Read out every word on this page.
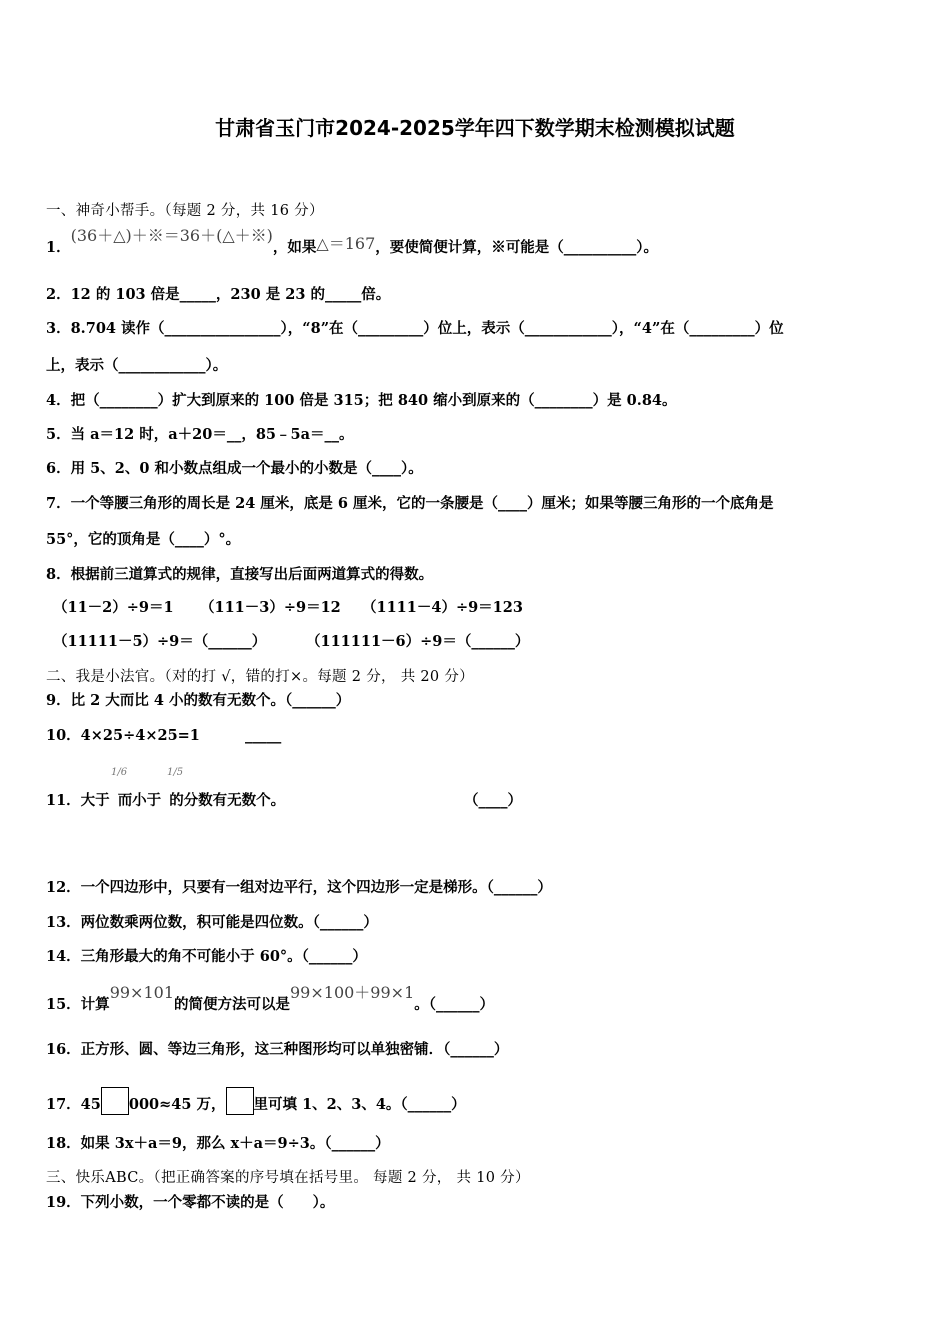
甘肃省玉门市2024-2025学年四下数学期末检测模拟试题
一、神奇小帮手。（每题 2 分，共 16 分）
1．(36＋△)＋※＝36＋(△＋※)，如果△＝167，要使简便计算，※可能是（__________）。
2．12 的 103 倍是_____，230 是 23 的_____倍。
3．8.704 读作（________________），“8”在（_________）位上，表示（____________），“4”在（_________）位
上，表示（____________）。
4．把（________）扩大到原来的 100 倍是 315；把 840 缩小到原来的（________）是 0.84。
5．当 a＝12 时，a＋20＝__，85﹣5a＝__。
6．用 5、2、0 和小数点组成一个最小的小数是（____）。
7．一个等腰三角形的周长是 24 厘米，底是 6 厘米，它的一条腰是（____）厘米；如果等腰三角形的一个底角是
55°，它的顶角是（____）°。
8．根据前三道算式的规律，直接写出后面两道算式的得数。
（11－2）÷9＝1 （111－3）÷9＝12 （1111－4）÷9＝123
（11111－5）÷9＝（______）	（111111－6）÷9＝（______）
二、我是小法官。（对的打 √，错的打×。每题 2 分， 共 20 分）
9．比 2 大而比 4 小的数有无数个。（______）
10．4×25÷4×25=1	_____
11．大于 而小于 的分数有无数个。
1/6	1/5
（____）
12．一个四边形中，只要有一组对边平行，这个四边形一定是梯形。（______）
13．两位数乘两位数，积可能是四位数。（______）
14．三角形最大的角不可能小于 60°。（______）
15．计算99×101的简便方法可以是99×100＋99×1。（______）
16．正方形、圆、等边三角形，这三种图形均可以单独密铺．（______）
17．45 000≈45 万， 里可填 1、2、3、4。（______）
18．如果 3x＋a＝9，那么 x＋a＝9÷3。（______）
三、快乐ABC。（把正确答案的序号填在括号里。 每题 2 分， 共 10 分）
19．下列小数，一个零都不读的是（　　）。
